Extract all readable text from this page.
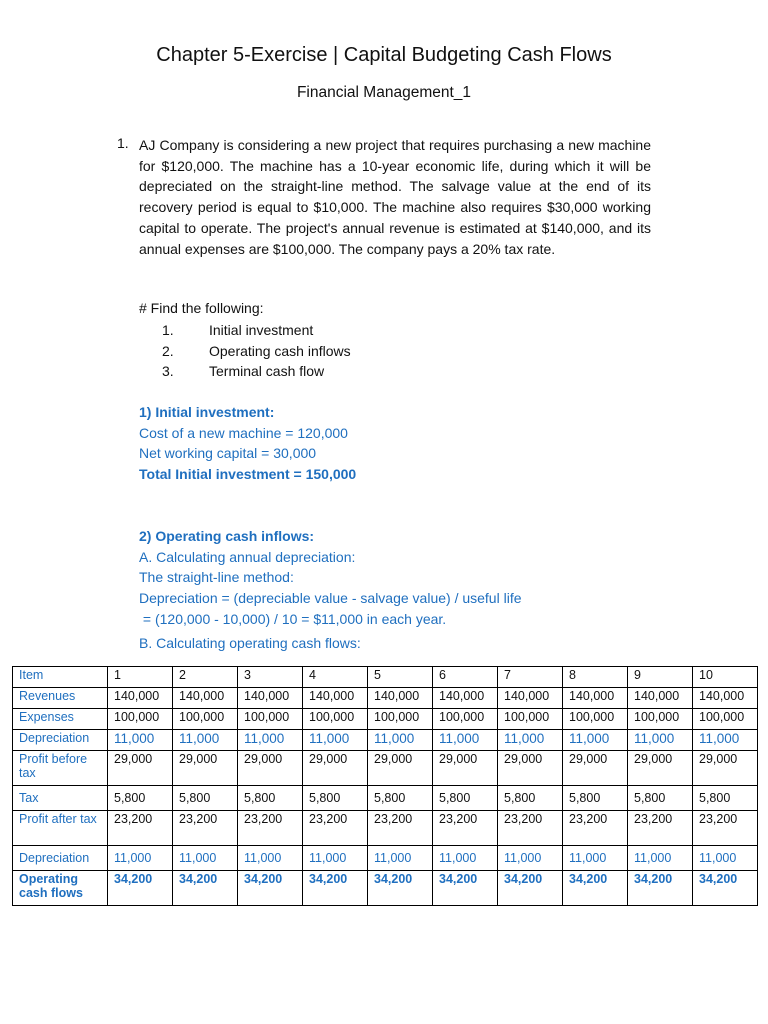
Chapter 5-Exercise | Capital Budgeting Cash Flows
Financial Management_1
1. AJ Company is considering a new project that requires purchasing a new machine for $120,000. The machine has a 10-year economic life, during which it will be depreciated on the straight-line method. The salvage value at the end of its recovery period is equal to $10,000. The machine also requires $30,000 working capital to operate. The project's annual revenue is estimated at $140,000, and its annual expenses are $100,000. The company pays a 20% tax rate.
# Find the following:
1.	Initial investment
2.	Operating cash inflows
3.	Terminal cash flow
1) Initial investment:
Cost of a new machine = 120,000
Net working capital = 30,000
Total Initial investment = 150,000
2) Operating cash inflows:
A. Calculating annual depreciation:
The straight-line method:
Depreciation = (depreciable value - salvage value) / useful life
= (120,000 - 10,000) / 10 = $11,000 in each year.
B. Calculating operating cash flows:
Item	1	2	3	4	5	6	7	8	9	10
Revenues	140,000	140,000	140,000	140,000	140,000	140,000	140,000	140,000	140,000	140,000
Expenses	100,000	100,000	100,000	100,000	100,000	100,000	100,000	100,000	100,000	100,000
Depreciation	11,000	11,000	11,000	11,000	11,000	11,000	11,000	11,000	11,000	11,000
Profit before tax	29,000	29,000	29,000	29,000	29,000	29,000	29,000	29,000	29,000	29,000
Tax	5,800	5,800	5,800	5,800	5,800	5,800	5,800	5,800	5,800	5,800
Profit after tax	23,200	23,200	23,200	23,200	23,200	23,200	23,200	23,200	23,200	23,200
Depreciation	11,000	11,000	11,000	11,000	11,000	11,000	11,000	11,000	11,000	11,000
Operating cash flows	34,200	34,200	34,200	34,200	34,200	34,200	34,200	34,200	34,200	34,200
